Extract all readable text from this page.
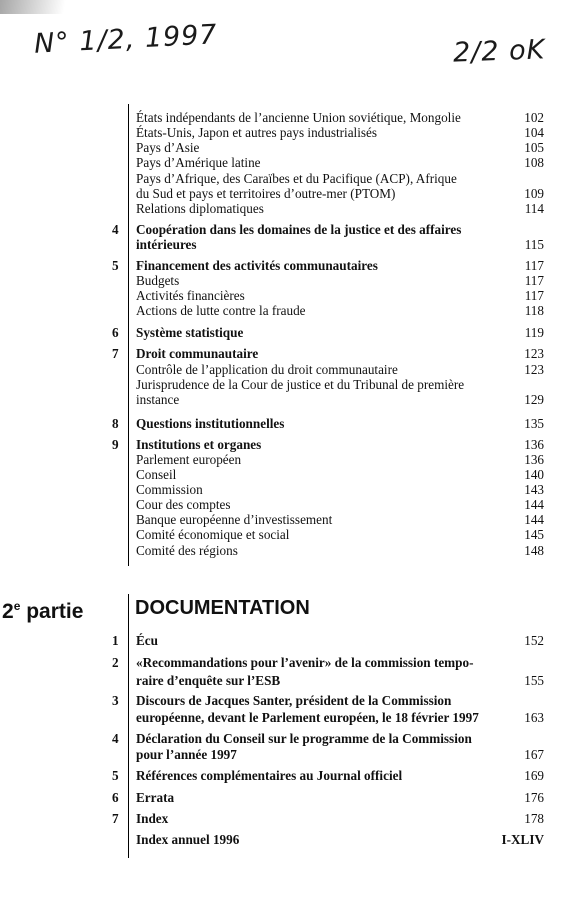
N° 1/2, 1997	2/2 oK
2e partie	DOCUMENTATION
États indépendants de l’ancienne Union soviétique, Mongolie	102
États-Unis, Japon et autres pays industrialisés	104
Pays d’Asie	105
Pays d’Amérique latine	108
Pays d’Afrique, des Caraïbes et du Pacifique (ACP), Afrique
du Sud et pays et territoires d’outre-mer (PTOM)	109
Relations diplomatiques	114
4	Coopération dans les domaines de la justice et des affaires
intérieures	115
5	Financement des activités communautaires	117
Budgets	117
Activités financières	117
Actions de lutte contre la fraude	118
6	Système statistique	119
7	Droit communautaire	123
Contrôle de l’application du droit communautaire	123
Jurisprudence de la Cour de justice et du Tribunal de première
instance	129
8	Questions institutionnelles	135
9	Institutions et organes	136
Parlement européen	136
Conseil	140
Commission	143
Cour des comptes	144
Banque européenne d’investissement	144
Comité économique et social	145
Comité des régions	148
1	Écu	152
2	«Recommandations pour l’avenir» de la commission tempo-
raire d’enquête sur l’ESB	155
3	Discours de Jacques Santer, président de la Commission
européenne, devant le Parlement européen, le 18 février 1997	163
4	Déclaration du Conseil sur le programme de la Commission
pour l’année 1997	167
5	Références complémentaires au Journal officiel	169
6	Errata	176
7	Index	178
Index annuel 1996	I-XLIV
